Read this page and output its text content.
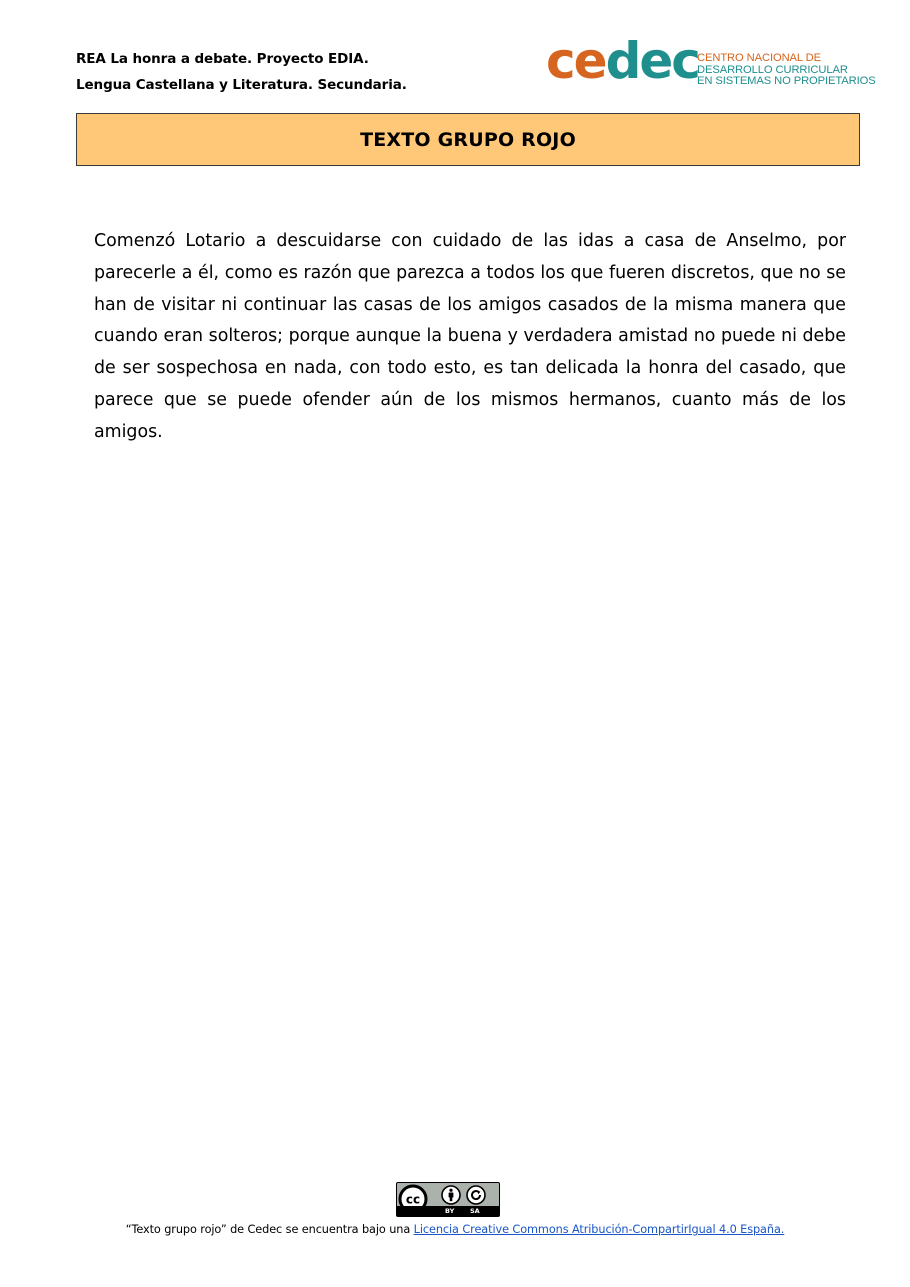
REA La honra a debate. Proyecto EDIA.
Lengua Castellana y Literatura. Secundaria.	cedec
CENTRO NACIONAL DE
DESARROLLO CURRICULAR
EN SISTEMAS NO PROPIETARIOS
TEXTO GRUPO ROJO
Comenzó Lotario a descuidarse con cuidado de las idas a casa de Anselmo, por parecerle a él, como es razón que parezca a todos los que fueren discretos, que no se han de visitar ni continuar las casas de los amigos casados de la misma manera que cuando eran solteros; porque aunque la buena y verdadera amistad no puede ni debe de ser sospechosa en nada, con todo esto, es tan delicada la honra del casado, que parece que se puede ofender aún de los mismos hermanos, cuanto más de los amigos.
cc
BY SA
“Texto grupo rojo” de Cedec se encuentra bajo una Licencia Creative Commons Atribución-CompartirIgual 4.0 España.
